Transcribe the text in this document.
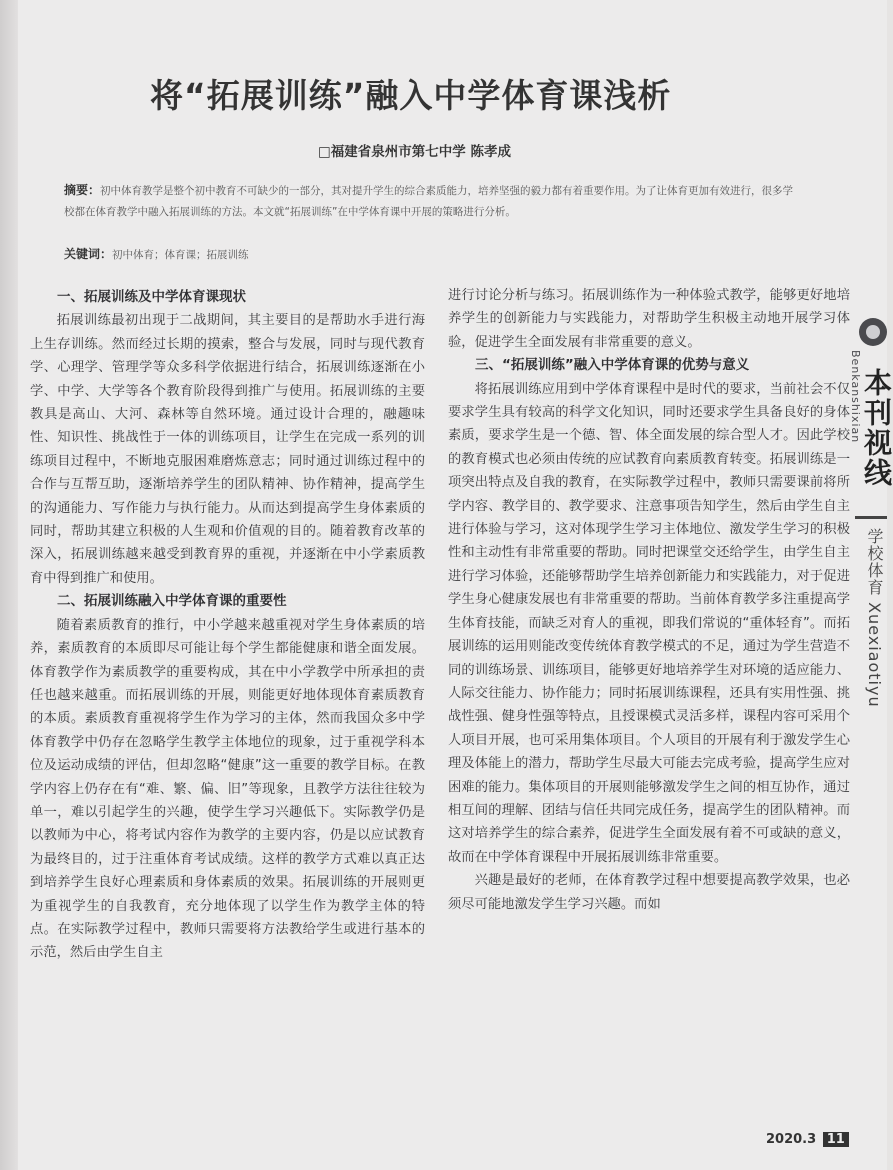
将“拓展训练”融入中学体育课浅析
□福建省泉州市第七中学 陈孝成
摘要：初中体育教学是整个初中教育不可缺少的一部分，其对提升学生的综合素质能力，培养坚强的毅力都有着重要作用。为了让体育更加有效进行，很多学校都在体育教学中融入拓展训练的方法。本文就“拓展训练”在中学体育课中开展的策略进行分析。
关键词：初中体育；体育课；拓展训练
一、拓展训练及中学体育课现状

拓展训练最初出现于二战期间，其主要目的是帮助水手进行海上生存训练。然而经过长期的摸索，整合与发展，同时与现代教育学、心理学、管理学等众多科学依据进行结合，拓展训练逐渐在小学、中学、大学等各个教育阶段得到推广与使用。拓展训练的主要教具是高山、大河、森林等自然环境。通过设计合理的，融趣味性、知识性、挑战性于一体的训练项目，让学生在完成一系列的训练项目过程中，不断地克服困难磨炼意志；同时通过训练过程中的合作与互帮互助，逐渐培养学生的团队精神、协作精神，提高学生的沟通能力、写作能力与执行能力。从而达到提高学生身体素质的同时，帮助其建立积极的人生观和价值观的目的。随着教育改革的深入，拓展训练越来越受到教育界的重视，并逐渐在中小学素质教育中得到推广和使用。

二、拓展训练融入中学体育课的重要性

随着素质教育的推行，中小学越来越重视对学生身体素质的培养，素质教育的本质即尽可能让每个学生都能健康和谐全面发展。体育教学作为素质教学的重要构成，其在中小学教学中所承担的责任也越来越重。而拓展训练的开展，则能更好地体现体育素质教育的本质。素质教育重视将学生作为学习的主体，然而我国众多中学体育教学中仍存在忽略学生教学主体地位的现象，过于重视学科本位及运动成绩的评估，但却忽略“健康”这一重要的教学目标。在教学内容上仍存在有“难、繁、偏、旧”等现象，且教学方法往往较为单一，难以引起学生的兴趣，使学生学习兴趣低下。实际教学仍是以教师为中心，将考试内容作为教学的主要内容，仍是以应试教育为最终目的，过于注重体育考试成绩。这样的教学方式难以真正达到培养学生良好心理素质和身体素质的效果。拓展训练的开展则更为重视学生的自我教育，充分地体现了以学生作为教学主体的特点。在实际教学过程中，教师只需要将方法教给学生或进行基本的示范，然后由学生自主

进行讨论分析与练习。拓展训练作为一种体验式教学，能够更好地培养学生的创新能力与实践能力，对帮助学生积极主动地开展学习体验，促进学生全面发展有非常重要的意义。

三、“拓展训练”融入中学体育课的优势与意义

将拓展训练应用到中学体育课程中是时代的要求，当前社会不仅要求学生具有较高的科学文化知识，同时还要求学生具备良好的身体素质，要求学生是一个德、智、体全面发展的综合型人才。因此学校的教育模式也必须由传统的应试教育向素质教育转变。拓展训练是一项突出特点及自我的教育，在实际教学过程中，教师只需要课前将所学内容、教学目的、教学要求、注意事项告知学生，然后由学生自主进行体验与学习，这对体现学生学习主体地位、激发学生学习的积极性和主动性有非常重要的帮助。同时把课堂交还给学生，由学生自主进行学习体验，还能够帮助学生培养创新能力和实践能力，对于促进学生身心健康发展也有非常重要的帮助。当前体育教学多注重提高学生体育技能，而缺乏对育人的重视，即我们常说的“重体轻育”。而拓展训练的运用则能改变传统体育教学模式的不足，通过为学生营造不同的训练场景、训练项目，能够更好地培养学生对环境的适应能力、人际交往能力、协作能力；同时拓展训练课程，还具有实用性强、挑战性强、健身性强等特点，且授课模式灵活多样，课程内容可采用个人项目开展，也可采用集体项目。个人项目的开展有利于激发学生心理及体能上的潜力，帮助学生尽最大可能去完成考验，提高学生应对困难的能力。集体项目的开展则能够激发学生之间的相互协作，通过相互间的理解、团结与信任共同完成任务，提高学生的团队精神。而这对培养学生的综合素养，促进学生全面发展有着不可或缺的意义，故而在中学体育课程中开展拓展训练非常重要。

兴趣是最好的老师，在体育教学过程中想要提高教学效果，也必须尽可能地激发学生学习兴趣。而如

Benkanshixian
本刊视线
学校体育 Xuexiaotiyu
2020.3 11
